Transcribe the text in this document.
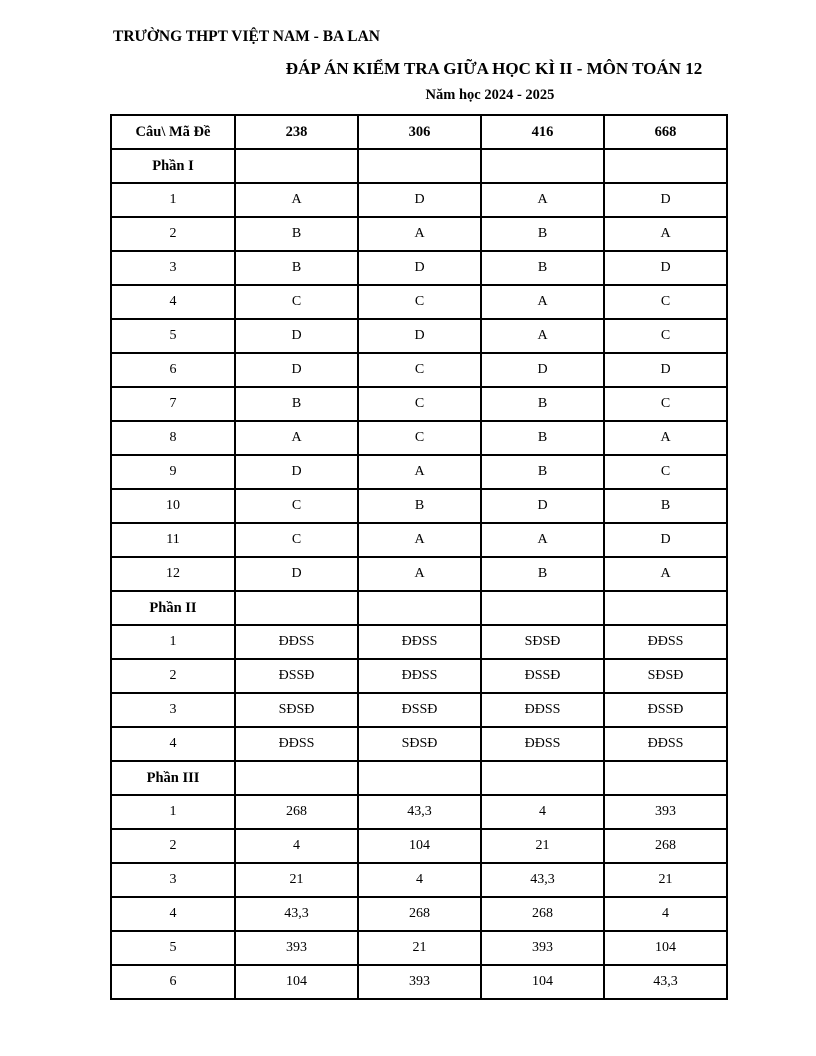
TRƯỜNG THPT VIỆT NAM - BA LAN
ĐÁP ÁN KIỂM TRA GIỮA HỌC KÌ II - MÔN TOÁN 12
Năm học 2024 - 2025
Câu\ Mã Đề	238	306	416	668
Phần I				
1	A	D	A	D
2	B	A	B	A
3	B	D	B	D
4	C	C	A	C
5	D	D	A	C
6	D	C	D	D
7	B	C	B	C
8	A	C	B	A
9	D	A	B	C
10	C	B	D	B
11	C	A	A	D
12	D	A	B	A
Phần II				
1	ĐĐSS	ĐĐSS	SĐSĐ	ĐĐSS
2	ĐSSĐ	ĐĐSS	ĐSSĐ	SĐSĐ
3	SĐSĐ	ĐSSĐ	ĐĐSS	ĐSSĐ
4	ĐĐSS	SĐSĐ	ĐĐSS	ĐĐSS
Phần III				
1	268	43,3	4	393
2	4	104	21	268
3	21	4	43,3	21
4	43,3	268	268	4
5	393	21	393	104
6	104	393	104	43,3
